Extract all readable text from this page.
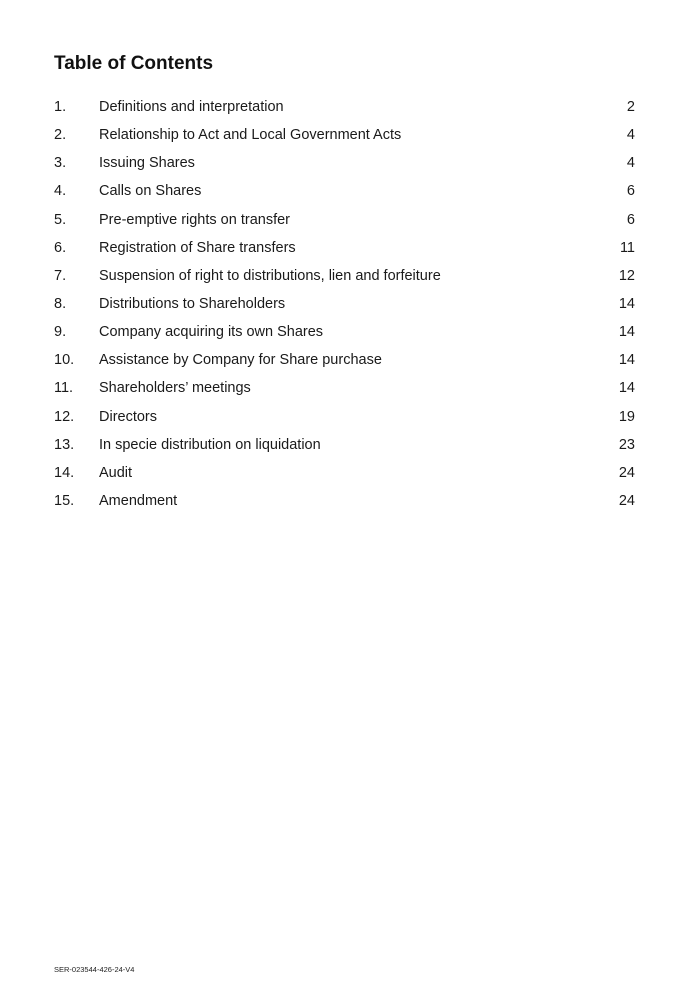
Table of Contents
1. Definitions and interpretation	2
2. Relationship to Act and Local Government Acts	4
3. Issuing Shares	4
4. Calls on Shares	6
5. Pre-emptive rights on transfer	6
6. Registration of Share transfers	11
7. Suspension of right to distributions, lien and forfeiture	12
8. Distributions to Shareholders	14
9. Company acquiring its own Shares	14
10. Assistance by Company for Share purchase	14
11. Shareholders’ meetings	14
12. Directors	19
13. In specie distribution on liquidation	23
14. Audit	24
15. Amendment	24
SER-023544-426-24-V4
